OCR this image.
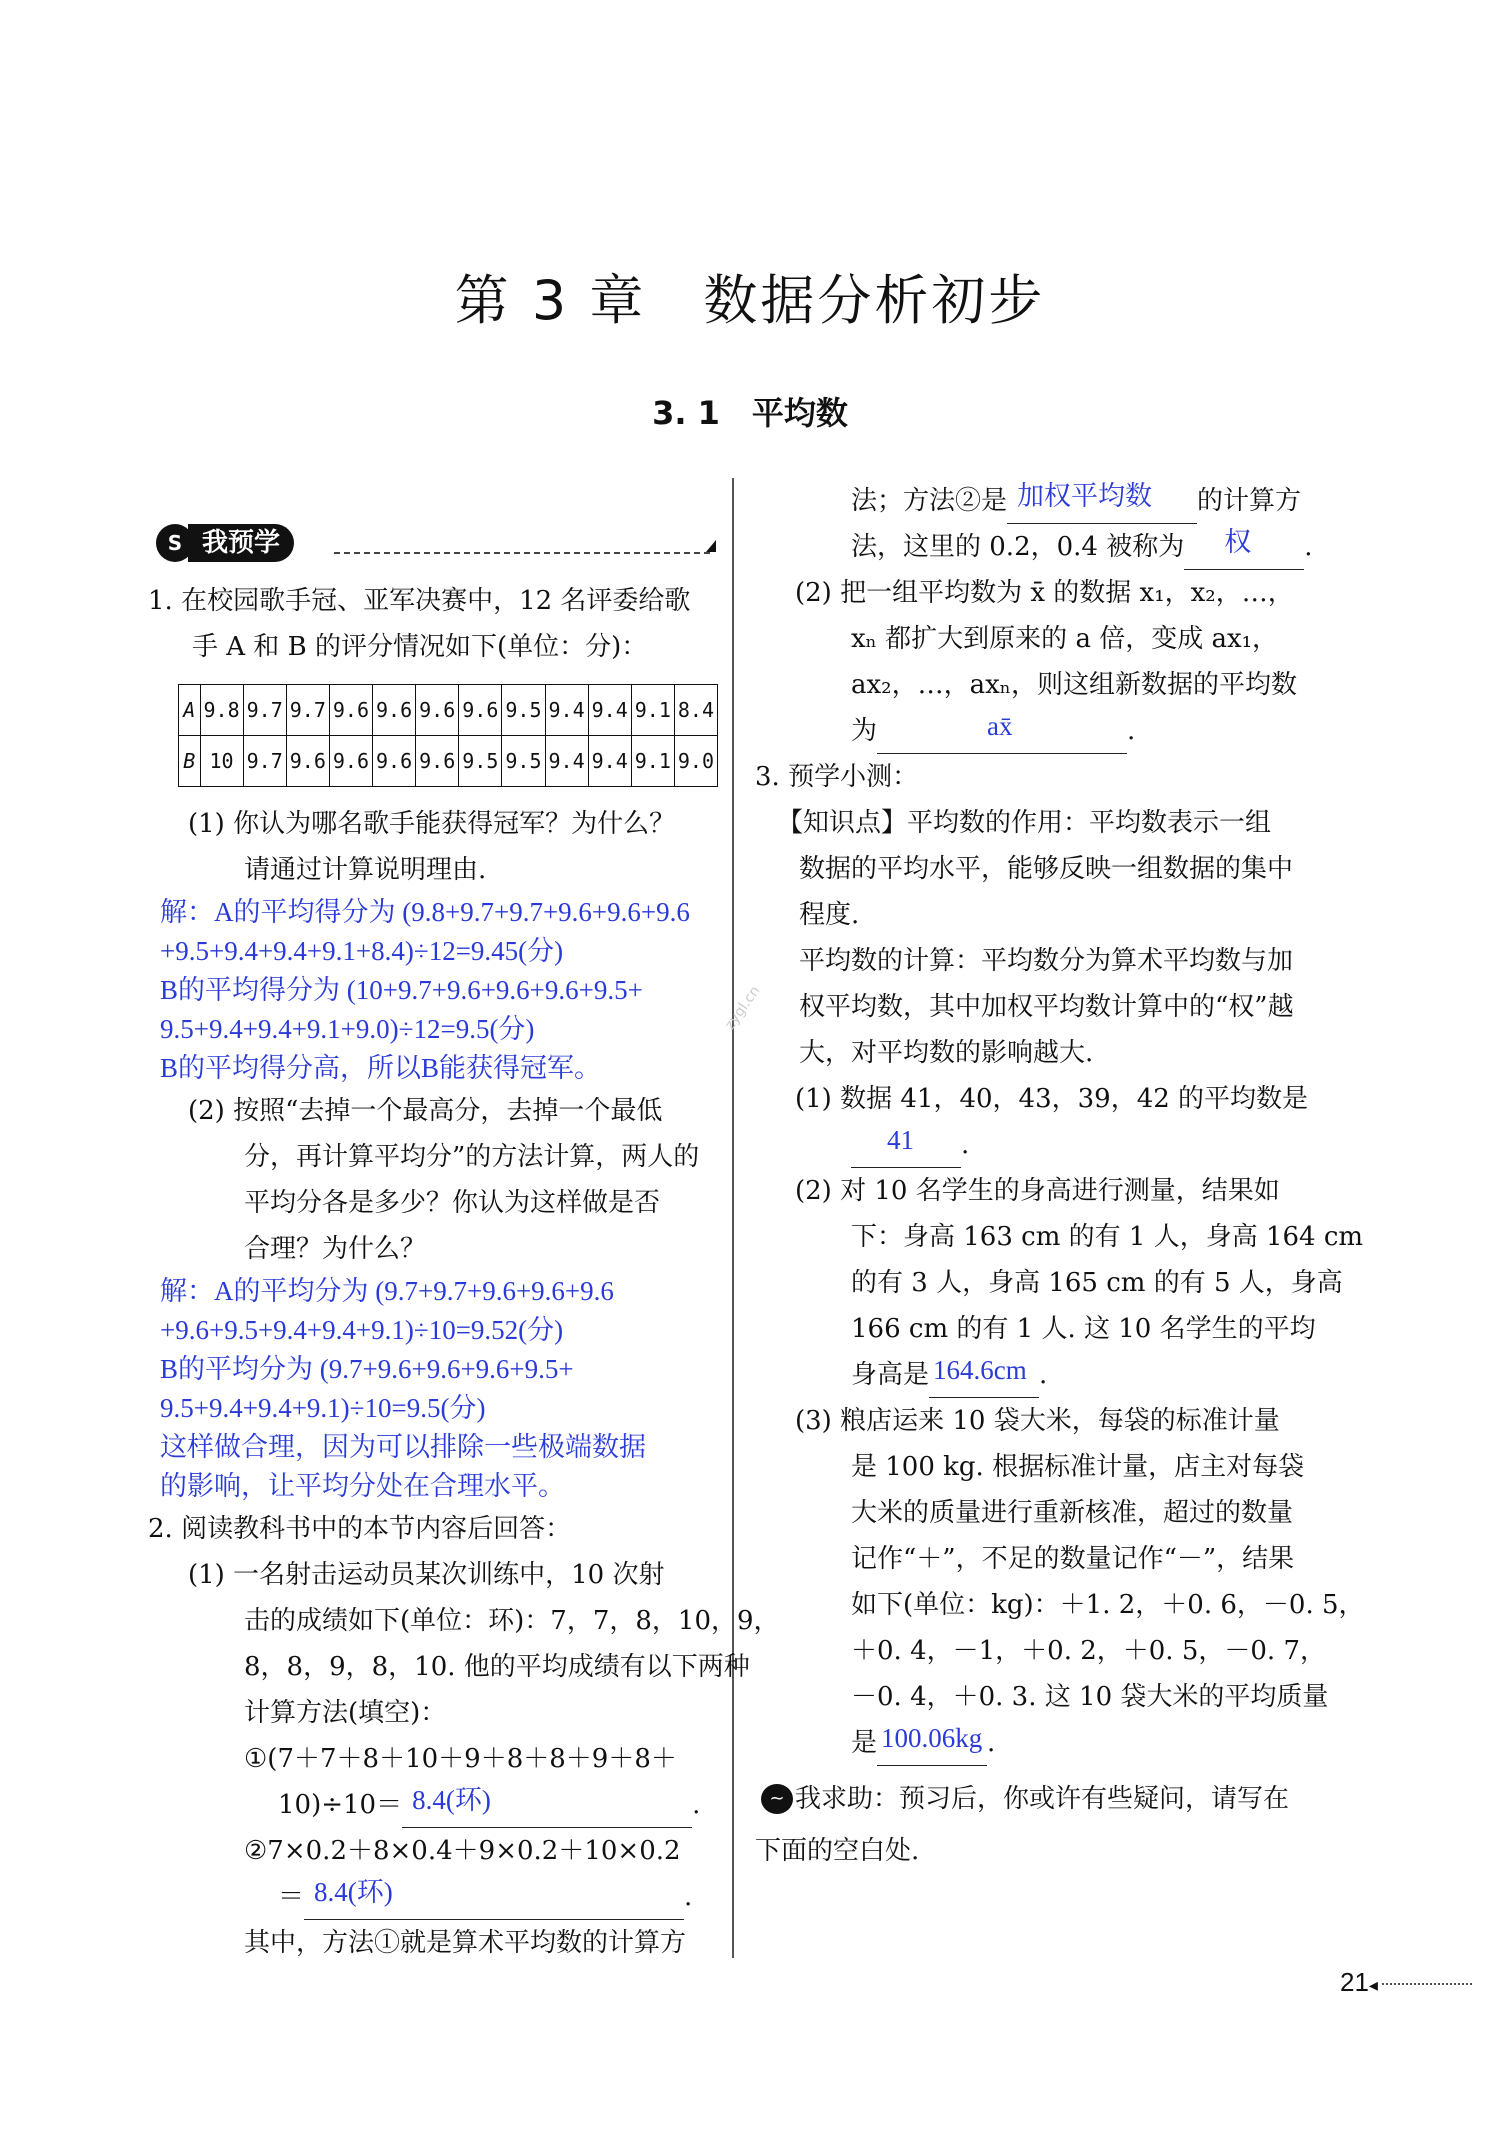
第 3 章　数据分析初步
3. 1　平均数
zygl.cn
S 我预学

1. 在校园歌手冠、亚军决赛中，12 名评委给歌

手 A 和 B 的评分情况如下(单位：分)：

A	9.8	9.7	9.7	9.6	9.6	9.6	9.6	9.5	9.4	9.4	9.1	8.4
B	10	9.7	9.6	9.6	9.6	9.6	9.5	9.5	9.4	9.4	9.1	9.0

(1) 你认为哪名歌手能获得冠军？为什么？

请通过计算说明理由.

解：A的平均得分为 (9.8+9.7+9.7+9.6+9.6+9.6

+9.5+9.4+9.4+9.1+8.4)÷12=9.45(分)

B的平均得分为 (10+9.7+9.6+9.6+9.6+9.5+

9.5+9.4+9.4+9.1+9.0)÷12=9.5(分)

B的平均得分高，所以B能获得冠军。

(2) 按照“去掉一个最高分，去掉一个最低

分，再计算平均分”的方法计算，两人的

平均分各是多少？你认为这样做是否

合理？为什么？

解：A的平均分为 (9.7+9.7+9.6+9.6+9.6

+9.6+9.5+9.4+9.4+9.1)÷10=9.52(分)

B的平均分为 (9.7+9.6+9.6+9.6+9.5+

9.5+9.4+9.4+9.1)÷10=9.5(分)

这样做合理，因为可以排除一些极端数据

的影响，让平均分处在合理水平。

2. 阅读教科书中的本节内容后回答：

(1) 一名射击运动员某次训练中，10 次射

击的成绩如下(单位：环)：7，7，8，10，9，

8，8，9，8，10. 他的平均成绩有以下两种

计算方法(填空)：

①(7＋7＋8＋10＋9＋8＋8＋9＋8＋

10)÷10＝ 8.4(环)	.

②7×0.2＋8×0.4＋9×0.2＋10×0.2

＝ 8.4(环)	.

其中，方法①就是算术平均数的计算方

法；方法②是 加权平均数 的计算方

法，这里的 0.2，0.4 被称为 权 .

(2) 把一组平均数为 x̄ 的数据 x₁，x₂，…，

xₙ 都扩大到原来的 a 倍，变成 ax₁，

ax₂，…，axₙ，则这组新数据的平均数

为	ax̄	.

3. 预学小测：

【知识点】平均数的作用：平均数表示一组

数据的平均水平，能够反映一组数据的集中

程度.

平均数的计算：平均数分为算术平均数与加

权平均数，其中加权平均数计算中的“权”越

大，对平均数的影响越大.

(1) 数据 41，40，43，39，42 的平均数是

41 .

(2) 对 10 名学生的身高进行测量，结果如

下：身高 163 cm 的有 1 人，身高 164 cm

的有 3 人，身高 165 cm 的有 5 人，身高

166 cm 的有 1 人. 这 10 名学生的平均

身高是 164.6cm .

(3) 粮店运来 10 袋大米，每袋的标准计量

是 100 kg. 根据标准计量，店主对每袋

大米的质量进行重新核准，超过的数量

记作“＋”，不足的数量记作“－”，结果

如下(单位：kg)：＋1. 2，＋0. 6，－0. 5，

＋0. 4，－1，＋0. 2，＋0. 5，－0. 7，

－0. 4，＋0. 3. 这 10 袋大米的平均质量

是 100.06kg .

~ 我求助：预习后，你或许有些疑问，请写在

下面的空白处.

21◂
